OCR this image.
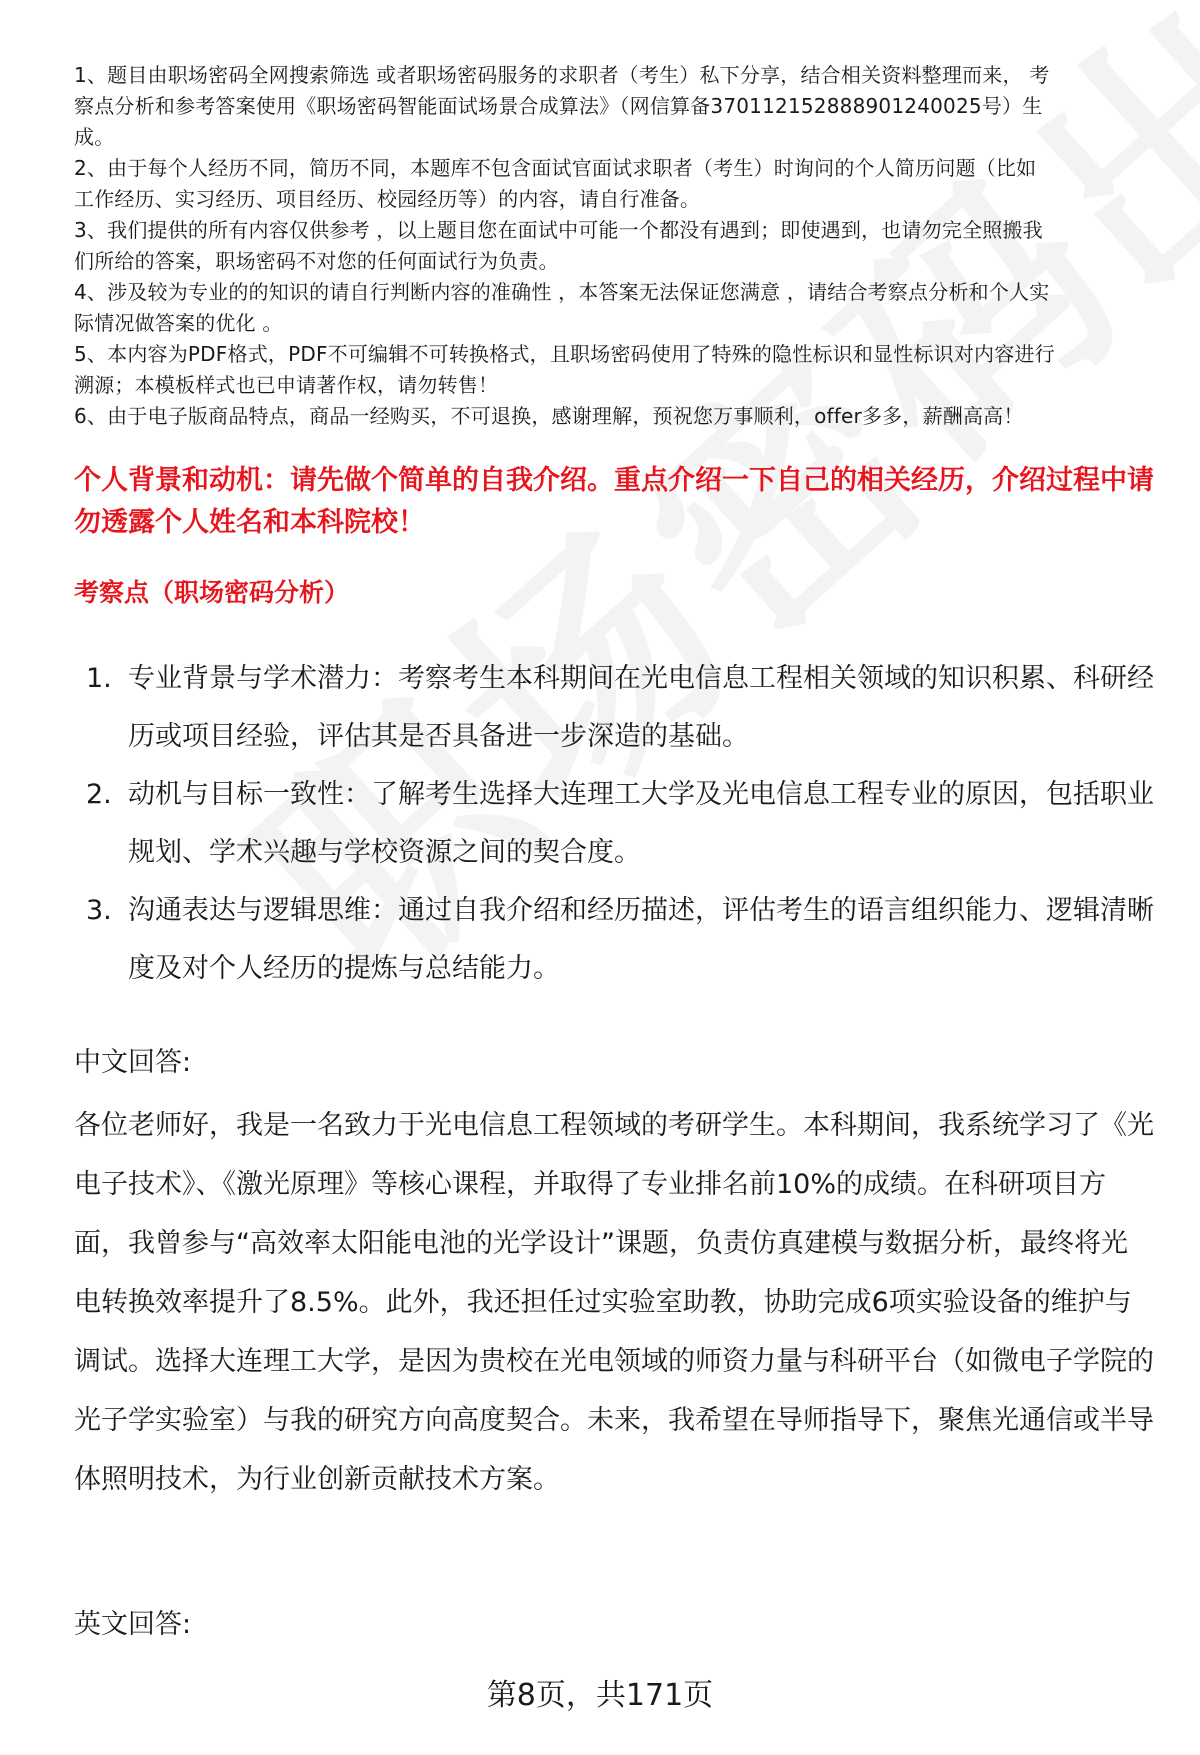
1、题目由职场密码全网搜索筛选 或者职场密码服务的求职者（考生）私下分享，结合相关资料整理而来， 考

察点分析和参考答案使用《职场密码智能面试场景合成算法》（网信算备370112152888901240025号）生

成。

2、由于每个人经历不同，简历不同，本题库不包含面试官面试求职者（考生）时询问的个人简历问题（比如

工作经历、实习经历、项目经历、校园经历等）的内容，请自行准备。

3、我们提供的所有内容仅供参考 ，以上题目您在面试中可能一个都没有遇到；即使遇到，也请勿完全照搬我

们所给的答案，职场密码不对您的任何面试行为负责。

4、涉及较为专业的的知识的请自行判断内容的准确性 ，本答案无法保证您满意 ，请结合考察点分析和个人实

际情况做答案的优化 。

5、本内容为PDF格式，PDF不可编辑不可转换格式，且职场密码使用了特殊的隐性标识和显性标识对内容进行

溯源；本模板样式也已申请著作权，请勿转售！

6、由于电子版商品特点，商品一经购买，不可退换，感谢理解，预祝您万事顺利，offer多多，薪酬高高！

个人背景和动机：请先做个简单的自我介绍。重点介绍一下自己的相关经历，介绍过程中请勿透露个人姓名和本科院校！

考察点（职场密码分析）

1. 专业背景与学术潜力：考察考生本科期间在光电信息工程相关领域的知识积累、科研经历或项目经验，评估其是否具备进一步深造的基础。
2. 动机与目标一致性：了解考生选择大连理工大学及光电信息工程专业的原因，包括职业规划、学术兴趣与学校资源之间的契合度。
3. 沟通表达与逻辑思维：通过自我介绍和经历描述，评估考生的语言组织能力、逻辑清晰度及对个人经历的提炼与总结能力。

中文回答:

各位老师好，我是一名致力于光电信息工程领域的考研学生。本科期间，我系统学习了《光电子技术》、《激光原理》等核心课程，并取得了专业排名前10%的成绩。在科研项目方面，我曾参与“高效率太阳能电池的光学设计”课题，负责仿真建模与数据分析，最终将光电转换效率提升了8.5%。此外，我还担任过实验室助教，协助完成6项实验设备的维护与调试。选择大连理工大学，是因为贵校在光电领域的师资力量与科研平台（如微电子学院的光子学实验室）与我的研究方向高度契合。未来，我希望在导师指导下，聚焦光通信或半导体照明技术，为行业创新贡献技术方案。

英文回答:

第8页，共171页
